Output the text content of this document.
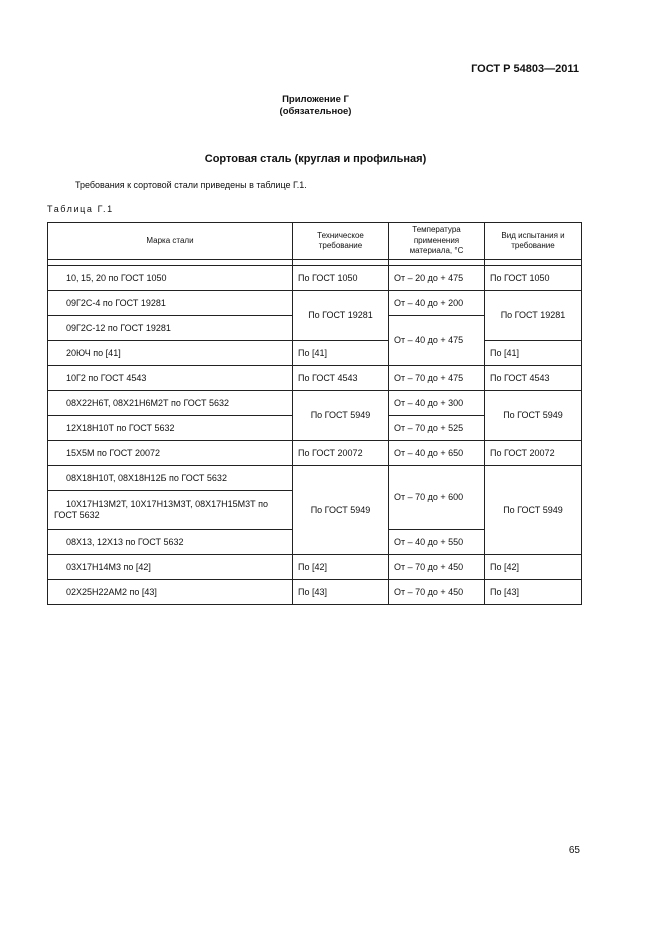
ГОСТ Р 54803—2011
Приложение Г
(обязательное)
Сортовая сталь (круглая и профильная)
Требования к сортовой стали приведены в таблице Г.1.
Таблица Г.1
Марка стали	Техническое требование	Температура применения материала, °С	Вид испытания и требование

10, 15, 20 по ГОСТ 1050	По ГОСТ 1050	От – 20 до + 475	По ГОСТ 1050
09Г2С-4 по ГОСТ 19281	По ГОСТ 19281	От – 40 до + 200	По ГОСТ 19281
09Г2С-12 по ГОСТ 19281		От – 40 до + 475	
20ЮЧ по [41]	По [41]		По [41]
10Г2 по ГОСТ 4543	По ГОСТ 4543	От – 70 до + 475	По ГОСТ 4543
08Х22Н6Т, 08Х21Н6М2Т по ГОСТ 5632	По ГОСТ 5949	От – 40 до + 300	По ГОСТ 5949
12Х18Н10Т по ГОСТ 5632		От – 70 до + 525	
15Х5М по ГОСТ 20072	По ГОСТ 20072	От – 40 до + 650	По ГОСТ 20072
08Х18Н10Т, 08Х18Н12Б по ГОСТ 5632	По ГОСТ 5949	От – 70 до + 600	По ГОСТ 5949
10Х17Н13М2Т, 10Х17Н13М3Т, 08Х17Н15М3Т по ГОСТ 5632			
08Х13, 12Х13 по ГОСТ 5632		От – 40 до + 550	
03Х17Н14М3 по [42]	По [42]	От – 70 до + 450	По [42]
02Х25Н22АМ2 по [43]	По [43]	От – 70 до + 450	По [43]
65
